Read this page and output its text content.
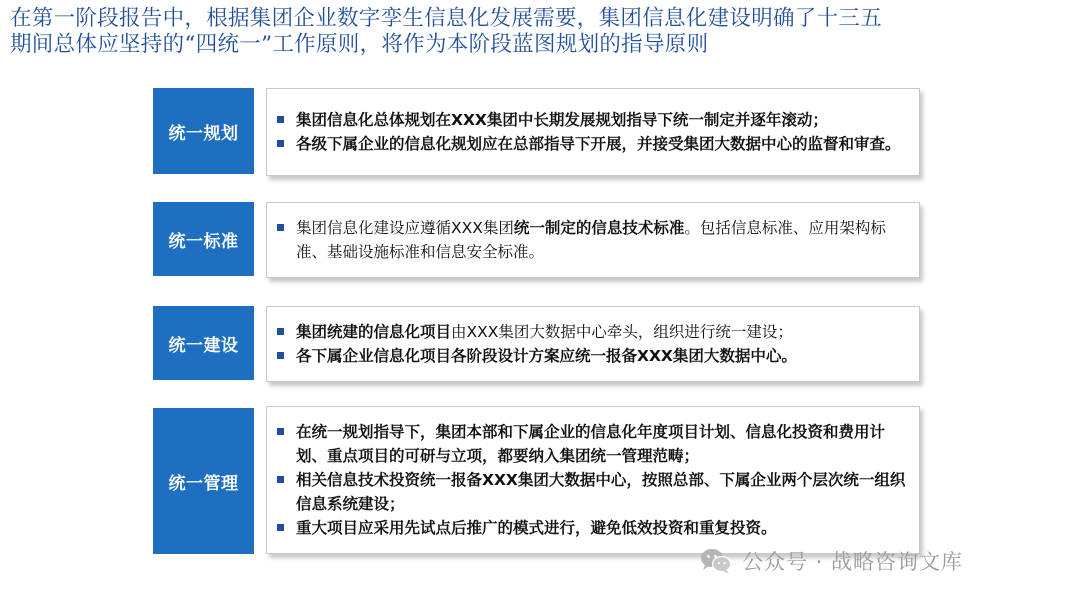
在第一阶段报告中，根据集团企业数字孪生信息化发展需要，集团信息化建设明确了十三五

期间总体应坚持的“四统一”工作原则，将作为本阶段蓝图规划的指导原则

统一规划
集团信息化总体规划在XXX集团中长期发展规划指导下统一制定并逐年滚动；
各级下属企业的信息化规划应在总部指导下开展，并接受集团大数据中心的监督和审查。
统一标准
集团信息化建设应遵循XXX集团统一制定的信息技术标准。包括信息标准、应用架构标准、基础设施标准和信息安全标准。
统一建设
集团统建的信息化项目由XXX集团大数据中心牵头，组织进行统一建设；
各下属企业信息化项目各阶段设计方案应统一报备XXX集团大数据中心。
统一管理
在统一规划指导下，集团本部和下属企业的信息化年度项目计划、信息化投资和费用计划、重点项目的可研与立项，都要纳入集团统一管理范畴；
相关信息技术投资统一报备XXX集团大数据中心，按照总部、下属企业两个层次统一组织信息系统建设；
重大项目应采用先试点后推广的模式进行，避免低效投资和重复投资。
公众号 · 战略咨询文库
